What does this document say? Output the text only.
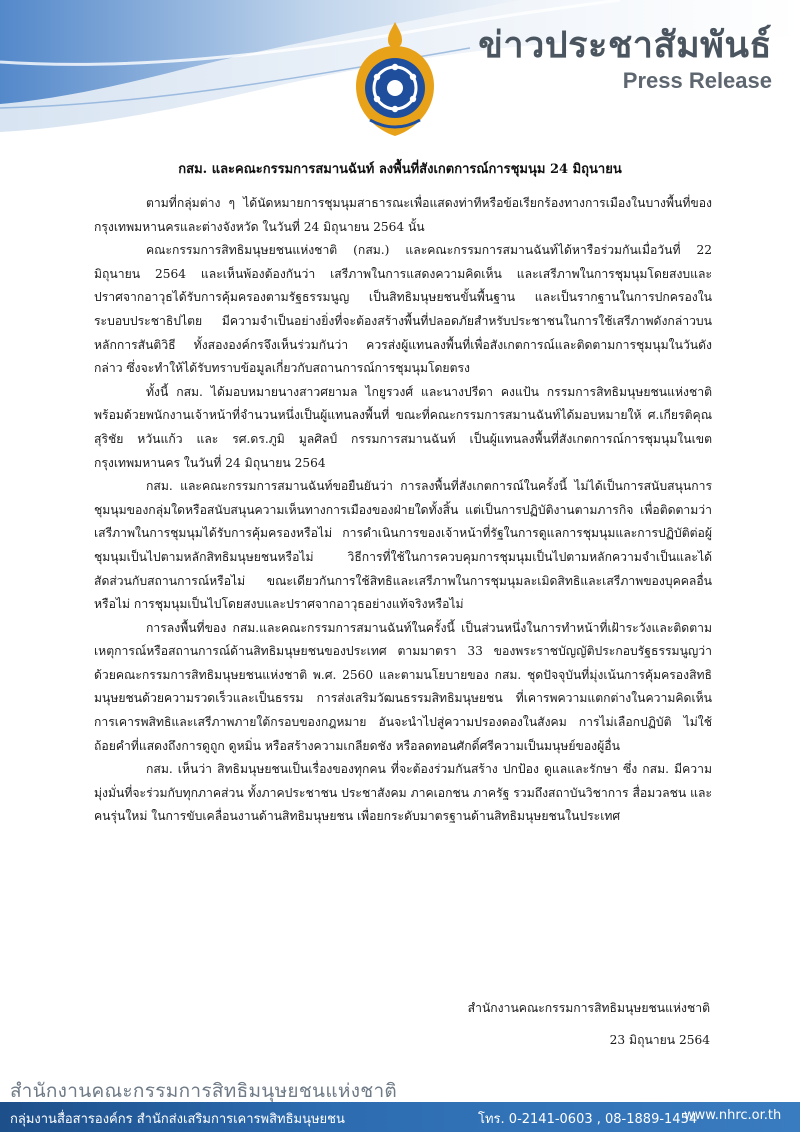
ข่าวประชาสัมพันธ์
Press Release
กสม. และคณะกรรมการสมานฉันท์ ลงพื้นที่สังเกตการณ์การชุมนุม 24 มิถุนายน

ตามที่กลุ่มต่าง ๆ ได้นัดหมายการชุมนุมสาธารณะเพื่อแสดงท่าทีหรือข้อเรียกร้องทางการเมืองในบางพื้นที่ของกรุงเทพมหานครและต่างจังหวัด ในวันที่ 24 มิถุนายน 2564 นั้น

คณะกรรมการสิทธิมนุษยชนแห่งชาติ (กสม.) และคณะกรรมการสมานฉันท์ได้หารือร่วมกันเมื่อวันที่ 22 มิถุนายน 2564 และเห็นพ้องต้องกันว่า เสรีภาพในการแสดงความคิดเห็น และเสรีภาพในการชุมนุมโดยสงบและปราศจากอาวุธได้รับการคุ้มครองตามรัฐธรรมนูญ เป็นสิทธิมนุษยชนขั้นพื้นฐาน และเป็นรากฐานในการปกครองในระบอบประชาธิปไตย มีความจำเป็นอย่างยิ่งที่จะต้องสร้างพื้นที่ปลอดภัยสำหรับประชาชนในการใช้เสรีภาพดังกล่าวบนหลักการสันติวิธี ทั้งสององค์กรจึงเห็นร่วมกันว่า ควรส่งผู้แทนลงพื้นที่เพื่อสังเกตการณ์และติดตามการชุมนุมในวันดังกล่าว ซึ่งจะทำให้ได้รับทราบข้อมูลเกี่ยวกับสถานการณ์การชุมนุมโดยตรง

ทั้งนี้ กสม. ได้มอบหมายนางสาวศยามล ไกยูรวงศ์ และนางปรีดา คงแป้น กรรมการสิทธิมนุษยชนแห่งชาติ พร้อมด้วยพนักงานเจ้าหน้าที่จำนวนหนึ่งเป็นผู้แทนลงพื้นที่ ขณะที่คณะกรรมการสมานฉันท์ได้มอบหมายให้ ศ.เกียรติคุณ สุริชัย หวันแก้ว และ รศ.ดร.ภูมิ มูลศิลป์ กรรมการสมานฉันท์ เป็นผู้แทนลงพื้นที่สังเกตการณ์การชุมนุมในเขตกรุงเทพมหานคร ในวันที่ 24 มิถุนายน 2564

กสม. และคณะกรรมการสมานฉันท์ขอยืนยันว่า การลงพื้นที่สังเกตการณ์ในครั้งนี้ ไม่ได้เป็นการสนับสนุนการชุมนุมของกลุ่มใดหรือสนับสนุนความเห็นทางการเมืองของฝ่ายใดทั้งสิ้น แต่เป็นการปฏิบัติงานตามภารกิจ เพื่อติดตามว่า เสรีภาพในการชุมนุมได้รับการคุ้มครองหรือไม่ การดำเนินการของเจ้าหน้าที่รัฐในการดูแลการชุมนุมและการปฏิบัติต่อผู้ชุมนุมเป็นไปตามหลักสิทธิมนุษยชนหรือไม่ วิธีการที่ใช้ในการควบคุมการชุมนุมเป็นไปตามหลักความจำเป็นและได้สัดส่วนกับสถานการณ์หรือไม่ ขณะเดียวกันการใช้สิทธิและเสรีภาพในการชุมนุมละเมิดสิทธิและเสรีภาพของบุคคลอื่นหรือไม่ การชุมนุมเป็นไปโดยสงบและปราศจากอาวุธอย่างแท้จริงหรือไม่

การลงพื้นที่ของ กสม.และคณะกรรมการสมานฉันท์ในครั้งนี้ เป็นส่วนหนึ่งในการทำหน้าที่เฝ้าระวังและติดตามเหตุการณ์หรือสถานการณ์ด้านสิทธิมนุษยชนของประเทศ ตามมาตรา 33 ของพระราชบัญญัติประกอบรัฐธรรมนูญว่าด้วยคณะกรรมการสิทธิมนุษยชนแห่งชาติ พ.ศ. 2560 และตามนโยบายของ กสม. ชุดปัจจุบันที่มุ่งเน้นการคุ้มครองสิทธิมนุษยชนด้วยความรวดเร็วและเป็นธรรม การส่งเสริมวัฒนธรรมสิทธิมนุษยชน ที่เคารพความแตกต่างในความคิดเห็น การเคารพสิทธิและเสรีภาพภายใต้กรอบของกฎหมาย อันจะนำไปสู่ความปรองดองในสังคม การไม่เลือกปฏิบัติ ไม่ใช้ถ้อยคำที่แสดงถึงการดูถูก ดูหมิ่น หรือสร้างความเกลียดชัง หรือลดทอนศักดิ์ศรีความเป็นมนุษย์ของผู้อื่น

กสม. เห็นว่า สิทธิมนุษยชนเป็นเรื่องของทุกคน ที่จะต้องร่วมกันสร้าง ปกป้อง ดูแลและรักษา ซึ่ง กสม. มีความมุ่งมั่นที่จะร่วมกับทุกภาคส่วน ทั้งภาคประชาชน ประชาสังคม ภาคเอกชน ภาครัฐ รวมถึงสถาบันวิชาการ สื่อมวลชน และคนรุ่นใหม่ ในการขับเคลื่อนงานด้านสิทธิมนุษยชน เพื่อยกระดับมาตรฐานด้านสิทธิมนุษยชนในประเทศ

สำนักงานคณะกรรมการสิทธิมนุษยชนแห่งชาติ
23 มิถุนายน 2564
สำนักงานคณะกรรมการสิทธิมนุษยชนแห่งชาติ
กลุ่มงานสื่อสารองค์กร สำนักส่งเสริมการเคารพสิทธิมนุษยชน	โทร. 0-2141-0603 , 08-1889-1454
www.nhrc.or.th
